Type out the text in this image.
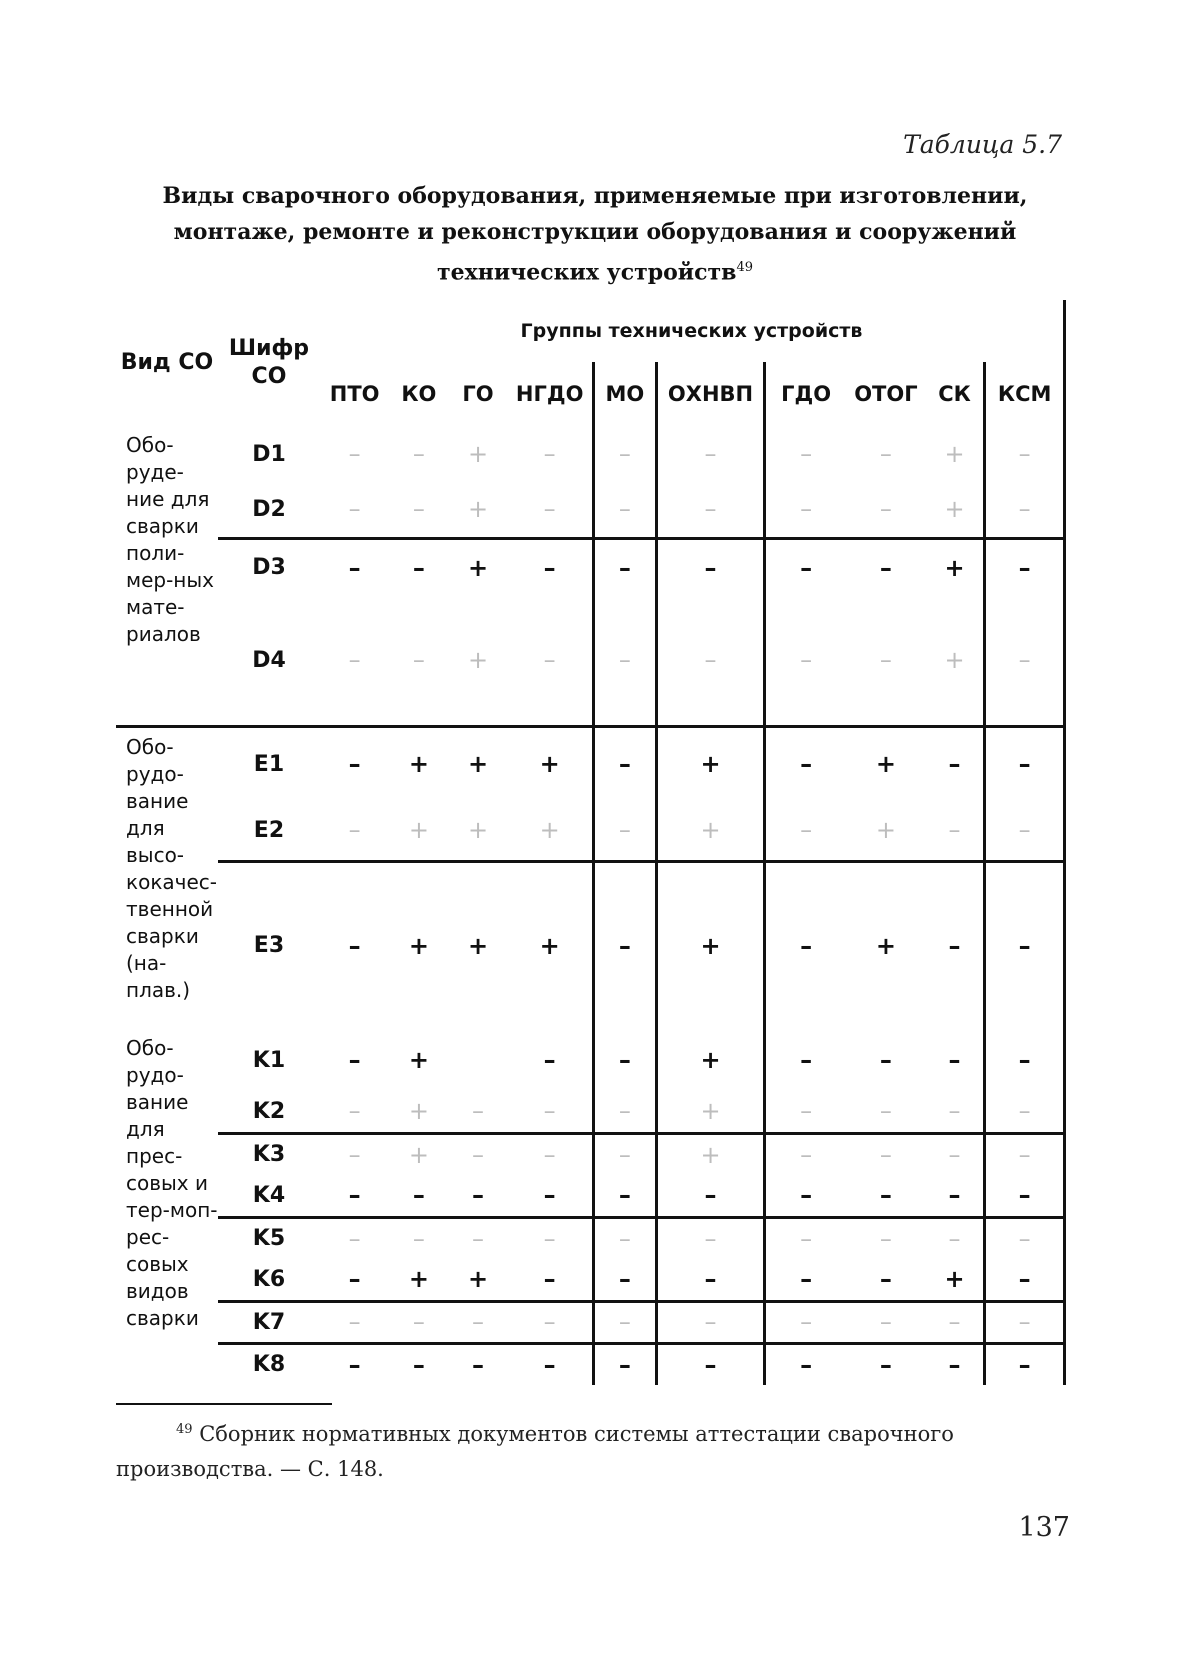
Таблица 5.7
Виды сварочного оборудования, применяемые при изготовлении,
монтаже, ремонте и реконструкции оборудования и сооружений
технических устройств$^{49}$
Вид СО	Шифр СО	Группы технических устройств									
		ПТО	КО	ГО	НГДО	МО	ОХНВП	ГДО	ОТОГ	СК	КСМ
Обо-руде-ние для сварки поли-мер-ных мате-риалов	D1	–	–	+	–	–	–	–	–	+	–
	D2	–	–	+	–	–	–	–	–	+	–
	D3	–	–	+	–	–	–	–	–	+	–
	D4	–	–	+	–	–	–	–	–	+	–
Обо-рудо-вание для высо-кокачес-твенной сварки (на-плав.)	E1	–	+	+	+	–	+	–	+	–	–
	E2	–	+	+	+	–	+	–	+	–	–
	E3	–	+	+	+	–	+	–	+	–	–
Обо-рудо-вание для прес-совых и тер-моп-рес-совых видов сварки	K1	–	+		–	–	+	–	–	–	–
	K2	–	+	–	–	–	+	–	–	–	–
	K3	–	+	–	–	–	+	–	–	–	–
	K4	–	–	–	–	–	–	–	–	–	–
	K5	–	–	–	–	–	–	–	–	–	–
	K6	–	+	+	–	–	–	–	–	+	–
	K7	–	–	–	–	–	–	–	–	–	–
	K8	–	–	–	–	–	–	–	–	–	–
$^{49}$ Сборник нормативных документов системы аттестации сварочного
производства. — С. 148.
137
